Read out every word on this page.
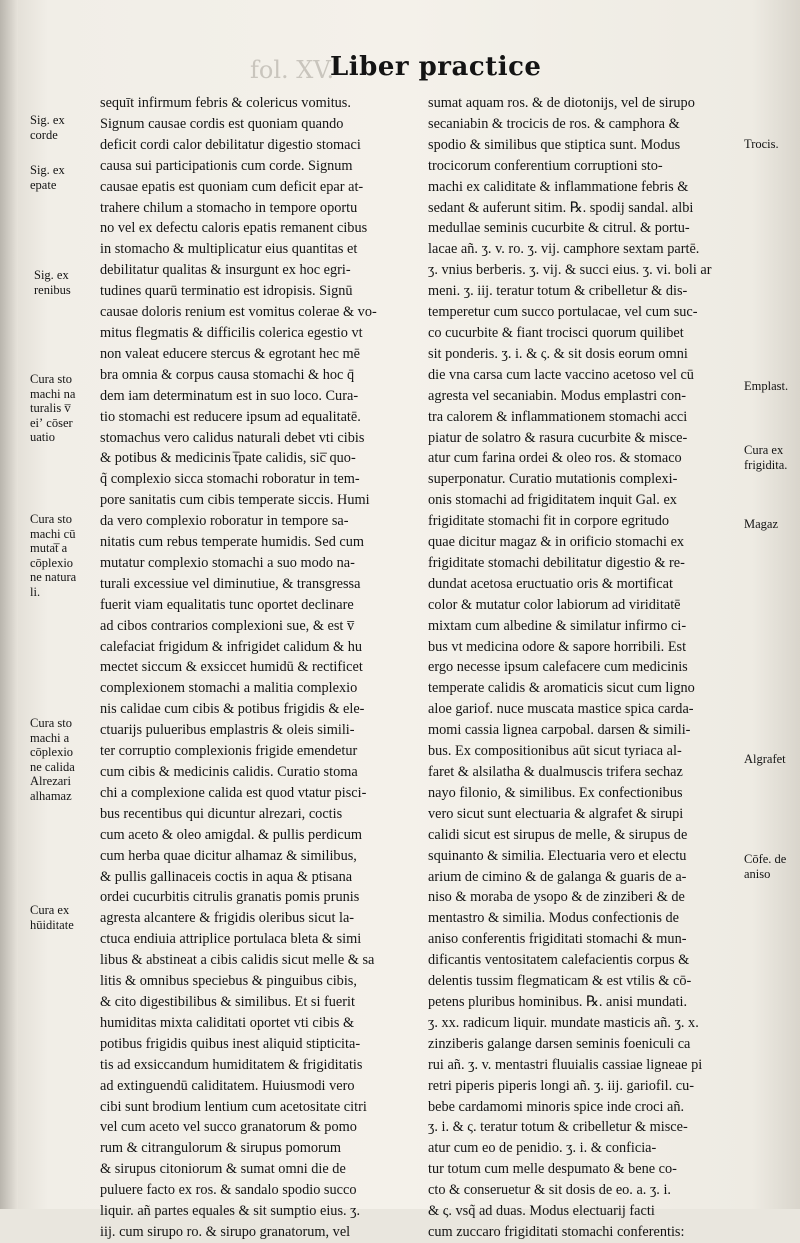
fol. XV.
Liber practice
sequīt infirmum febris & colericus vomitus.
Signum causae cordis est quoniam quando
deficit cordi calor debilitatur digestio stomaci
causa sui participationis cum corde. Signum
causae epatis est quoniam cum deficit epar at-
trahere chilum a stomacho in tempore oportu
no vel ex defectu caloris epatis remanent cibus
in stomacho & multiplicatur eius quantitas et
debilitatur qualitas & insurgunt ex hoc egri-
tudines quarū terminatio est idropisis. Signū
causae doloris renium est vomitus colerae & vo-
mitus flegmatis & difficilis colerica egestio vt
non valeat educere stercus & egrotant hec mē
bra omnia & corpus causa stomachi & hoc q̄
dem iam determinatum est in suo loco. Cura-
tio stomachi est reducere ipsum ad equalitatē.
stomachus vero calidus naturali debet vti cibis
& potibus & medicinis t̅pate calidis, sic̅ quo-
q̃ complexio sicca stomachi roboratur in tem-
pore sanitatis cum cibis temperate siccis. Humi
da vero complexio roboratur in tempore sa-
nitatis cum rebus temperate humidis. Sed cum
mutatur complexio stomachi a suo modo na-
turali excessiue vel diminutiue, & transgressa
fuerit viam equalitatis tunc oportet declinare
ad cibos contrarios complexioni sue, & est v̅
calefaciat frigidum & infrigidet calidum & hu
mectet siccum & exsiccet humidū & rectificet
complexionem stomachi a malitia complexio
nis calidae cum cibis & potibus frigidis & ele-
ctuarijs pulueribus emplastris & oleis simili-
ter corruptio complexionis frigide emendetur
cum cibis & medicinis calidis. Curatio stoma
chi a complexione calida est quod vtatur pisci-
bus recentibus qui dicuntur alrezari, coctis
cum aceto & oleo amigdal. & pullis perdicum
cum herba quae dicitur alhamaz & similibus,
& pullis gallinaceis coctis in aqua & ptisana
ordei cucurbitis citrulis granatis pomis prunis
agresta alcantere & frigidis oleribus sicut la-
ctuca endiuia attriplice portulaca bleta & simi
libus & abstineat a cibis calidis sicut melle & sa
litis & omnibus speciebus & pinguibus cibis,
& cito digestibilibus & similibus. Et si fuerit
humiditas mixta caliditati oportet vti cibis &
potibus frigidis quibus inest aliquid stipticita-
tis ad exsiccandum humiditatem & frigiditatis
ad extinguendū caliditatem. Huiusmodi vero
cibi sunt brodium lentium cum acetositate citri
vel cum aceto vel succo granatorum & pomo
rum & citrangulorum & sirupus pomorum
& sirupus citoniorum & sumat omni die de
puluere facto ex ros. & sandalo spodio succo
liquir. añ partes equales & sit sumptio eius. ʒ.
iij. cum sirupo ro. & sirupo granatorum, vel
sumat aquam ros. & de diotonijs, vel de sirupo
secaniabin & trocicis de ros. & camphora &
spodio & similibus que stiptica sunt. Modus
trocicorum conferentium corruptioni sto-
machi ex caliditate & inflammatione febris &
sedant & auferunt sitim. ℞. spodij sandal. albi
medullae seminis cucurbite & citrul. & portu-
lacae añ. ʒ. v. ro. ʒ. vij. camphore sextam partē.
ʒ. vnius berberis. ʒ. vij. & succi eius. ʒ. vi. boli ar
meni. ʒ. iij. teratur totum & cribelletur & dis-
temperetur cum succo portulacae, vel cum suc-
co cucurbite & fiant trocisci quorum quilibet
sit ponderis. ʒ. i. & ς. & sit dosis eorum omni
die vna carsa cum lacte vaccino acetoso vel cū
agresta vel secaniabin. Modus emplastri con-
tra calorem & inflammationem stomachi acci
piatur de solatro & rasura cucurbite & misce-
atur cum farina ordei & oleo ros. & stomaco
superponatur. Curatio mutationis complexi-
onis stomachi ad frigiditatem inquit Gal. ex
frigiditate stomachi fit in corpore egritudo
quae dicitur magaz & in orificio stomachi ex
frigiditate stomachi debilitatur digestio & re-
dundat acetosa eructuatio oris & mortificat
color & mutatur color labiorum ad viriditatē
mixtam cum albedine & similatur infirmo ci-
bus vt medicina odore & sapore horribili. Est
ergo necesse ipsum calefacere cum medicinis
temperate calidis & aromaticis sicut cum ligno
aloe gariof. nuce muscata mastice spica carda-
momi cassia lignea carpobal. darsen & simili-
bus. Ex compositionibus aūt sicut tyriaca al-
faret & alsilatha & dualmuscis trifera sechaz
nayo filonio, & similibus. Ex confectionibus
vero sicut sunt electuaria & algrafet & sirupi
calidi sicut est sirupus de melle, & sirupus de
squinanto & similia. Electuaria vero et electu
arium de cimino & de galanga & guaris de a-
niso & moraba de ysopo & de zinziberi & de
mentastro & similia. Modus confectionis de
aniso conferentis frigiditati stomachi & mun-
dificantis ventositatem calefacientis corpus &
delentis tussim flegmaticam & est vtilis & cō-
petens pluribus hominibus. ℞. anisi mundati.
ʒ. xx. radicum liquir. mundate masticis añ. ʒ. x.
zinziberis galange darsen seminis foeniculi ca
rui añ. ʒ. v. mentastri fluuialis cassiae ligneae pi
retri piperis piperis longi añ. ʒ. iij. gariofil. cu-
bebe cardamomi minoris spice inde croci añ.
ʒ. i. & ς. teratur totum & cribelletur & misce-
atur cum eo de penidio. ʒ. i. & conficia-
tur totum cum melle despumato & bene co-
cto & conseruetur & sit dosis de eo. a. ʒ. i.
& ς. vsq̃ ad duas. Modus electuarij facti
cum zuccaro frigiditati stomachi conferentis:
Sig. ex
corde
Sig. ex
epate
Sig. ex
renibus
Cura sto
machi na
turalis v̅
eiʼ cōser
uatio
Cura sto
machi cū
mutat̅ a
cōplexio
ne natura
li.
Cura sto
machi a
cōplexio
ne calida
Alrezari
alhamaz
Cura ex
hūiditate
Trocis.
Emplast.
Cura ex
frigidita.
Magaz
Algrafet
Cōfe. de
aniso
